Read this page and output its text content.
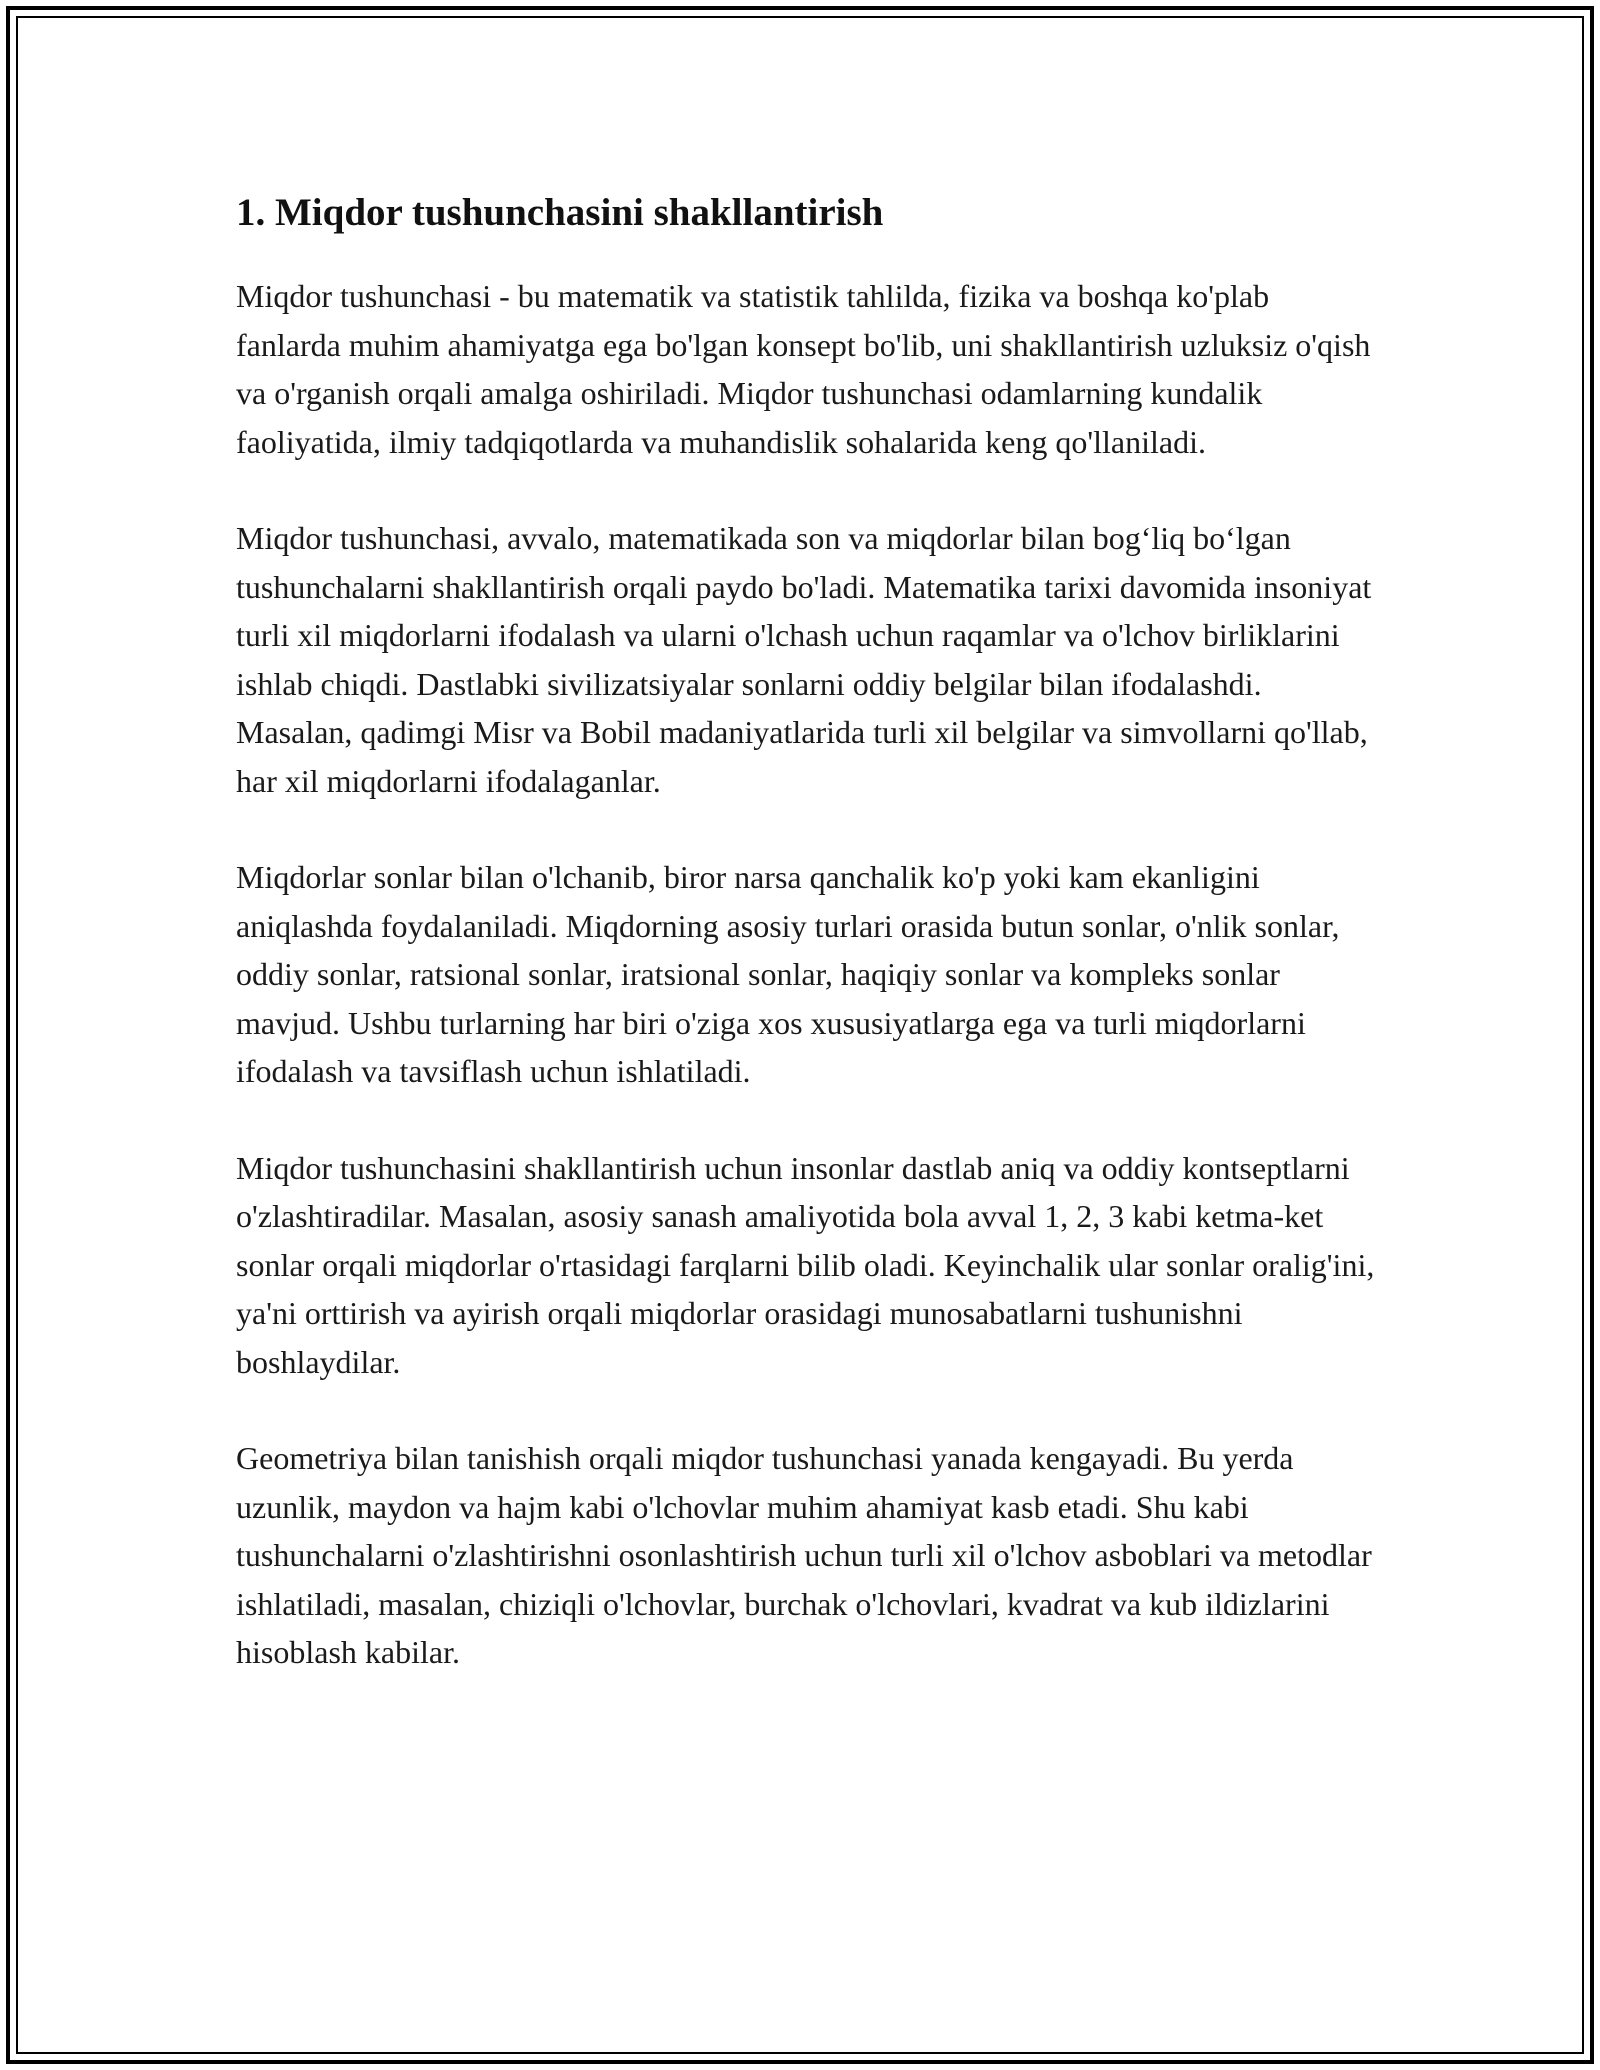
1. Miqdor tushunchasini shakllantirish

Miqdor tushunchasi - bu matematik va statistik tahlilda, fizika va boshqa ko'plab fanlarda muhim ahamiyatga ega bo'lgan konsept bo'lib, uni shakllantirish uzluksiz o'qish va o'rganish orqali amalga oshiriladi. Miqdor tushunchasi odamlarning kundalik faoliyatida, ilmiy tadqiqotlarda va muhandislik sohalarida keng qo'llaniladi.

Miqdor tushunchasi, avvalo, matematikada son va miqdorlar bilan bog‘liq bo‘lgan tushunchalarni shakllantirish orqali paydo bo'ladi. Matematika tarixi davomida insoniyat turli xil miqdorlarni ifodalash va ularni o'lchash uchun raqamlar va o'lchov birliklarini ishlab chiqdi. Dastlabki sivilizatsiyalar sonlarni oddiy belgilar bilan ifodalashdi. Masalan, qadimgi Misr va Bobil madaniyatlarida turli xil belgilar va simvollarni qo'llab, har xil miqdorlarni ifodalaganlar.

Miqdorlar sonlar bilan o'lchanib, biror narsa qanchalik ko'p yoki kam ekanligini aniqlashda foydalaniladi. Miqdorning asosiy turlari orasida butun sonlar, o'nlik sonlar, oddiy sonlar, ratsional sonlar, iratsional sonlar, haqiqiy sonlar va kompleks sonlar mavjud. Ushbu turlarning har biri o'ziga xos xususiyatlarga ega va turli miqdorlarni ifodalash va tavsiflash uchun ishlatiladi.

Miqdor tushunchasini shakllantirish uchun insonlar dastlab aniq va oddiy kontseptlarni o'zlashtiradilar. Masalan, asosiy sanash amaliyotida bola avval 1, 2, 3 kabi ketma-ket sonlar orqali miqdorlar o'rtasidagi farqlarni bilib oladi. Keyinchalik ular sonlar oralig'ini, ya'ni orttirish va ayirish orqali miqdorlar orasidagi munosabatlarni tushunishni boshlaydilar.

Geometriya bilan tanishish orqali miqdor tushunchasi yanada kengayadi. Bu yerda uzunlik, maydon va hajm kabi o'lchovlar muhim ahamiyat kasb etadi. Shu kabi tushunchalarni o'zlashtirishni osonlashtirish uchun turli xil o'lchov asboblari va metodlar ishlatiladi, masalan, chiziqli o'lchovlar, burchak o'lchovlari, kvadrat va kub ildizlarini hisoblash kabilar.
